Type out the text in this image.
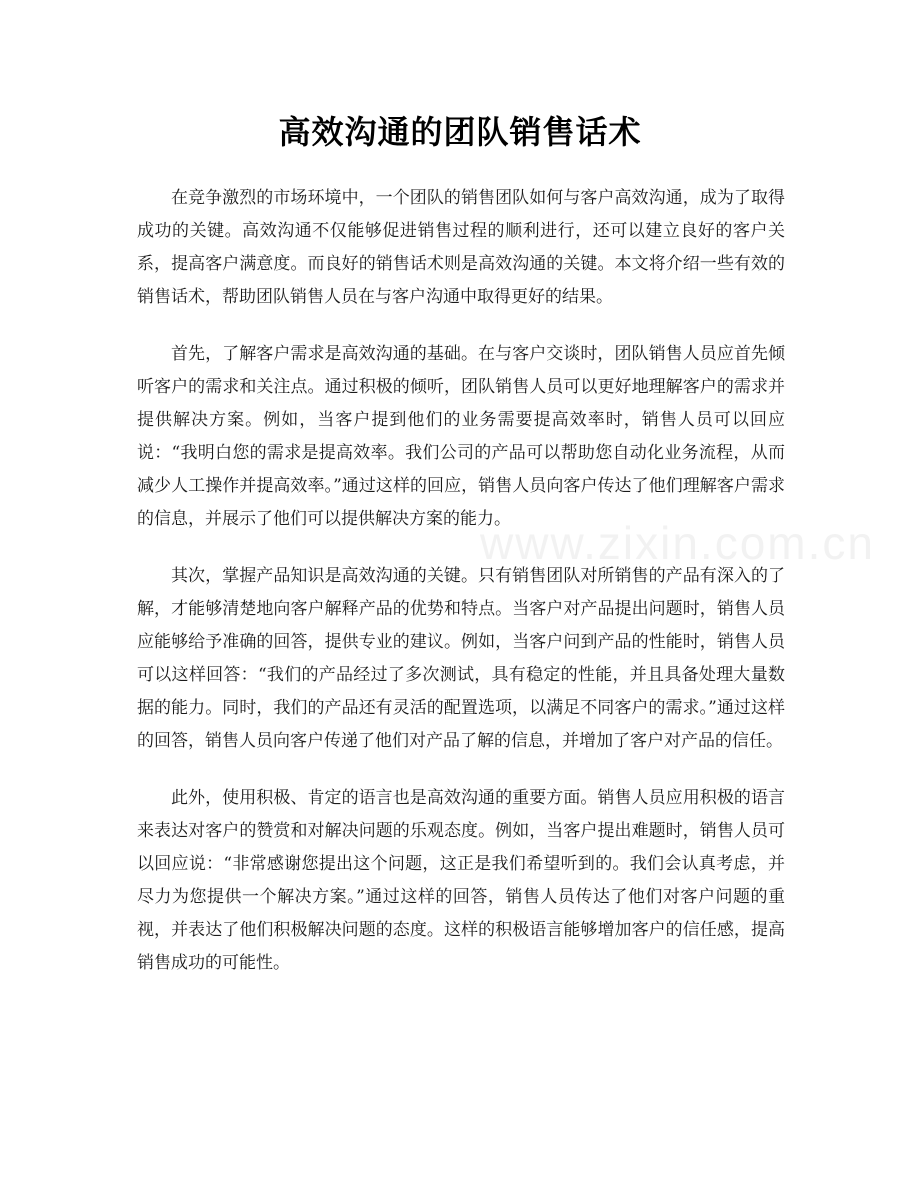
高效沟通的团队销售话术

在竞争激烈的市场环境中，一个团队的销售团队如何与客户高效沟通，成为了取得成功的关键。高效沟通不仅能够促进销售过程的顺利进行，还可以建立良好的客户关系，提高客户满意度。而良好的销售话术则是高效沟通的关键。本文将介绍一些有效的销售话术，帮助团队销售人员在与客户沟通中取得更好的结果。

首先，了解客户需求是高效沟通的基础。在与客户交谈时，团队销售人员应首先倾听客户的需求和关注点。通过积极的倾听，团队销售人员可以更好地理解客户的需求并提供解决方案。例如，当客户提到他们的业务需要提高效率时，销售人员可以回应说：“我明白您的需求是提高效率。我们公司的产品可以帮助您自动化业务流程，从而减少人工操作并提高效率。”通过这样的回应，销售人员向客户传达了他们理解客户需求的信息，并展示了他们可以提供解决方案的能力。

其次，掌握产品知识是高效沟通的关键。只有销售团队对所销售的产品有深入的了解，才能够清楚地向客户解释产品的优势和特点。当客户对产品提出问题时，销售人员应能够给予准确的回答，提供专业的建议。例如，当客户问到产品的性能时，销售人员可以这样回答：“我们的产品经过了多次测试，具有稳定的性能，并且具备处理大量数据的能力。同时，我们的产品还有灵活的配置选项，以满足不同客户的需求。”通过这样的回答，销售人员向客户传递了他们对产品了解的信息，并增加了客户对产品的信任。

此外，使用积极、肯定的语言也是高效沟通的重要方面。销售人员应用积极的语言来表达对客户的赞赏和对解决问题的乐观态度。例如，当客户提出难题时，销售人员可以回应说：“非常感谢您提出这个问题，这正是我们希望听到的。我们会认真考虑，并尽力为您提供一个解决方案。”通过这样的回答，销售人员传达了他们对客户问题的重视，并表达了他们积极解决问题的态度。这样的积极语言能够增加客户的信任感，提高销售成功的可能性。

www.zixin.com.cn
